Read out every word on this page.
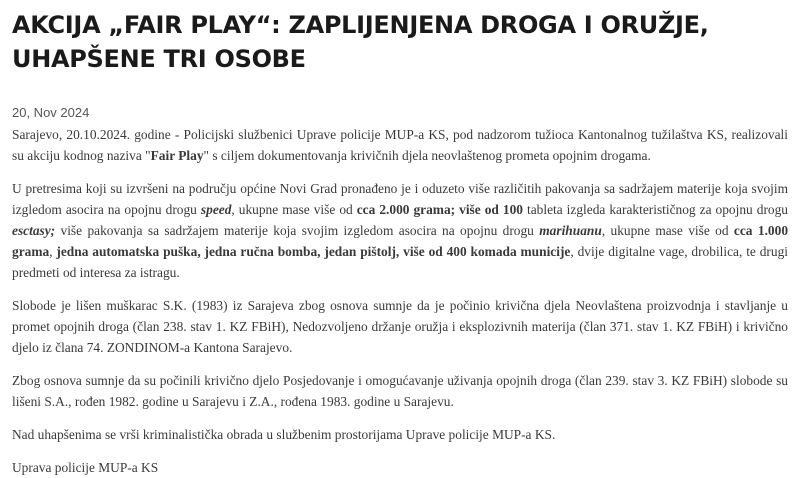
AKCIJA „FAIR PLAY“: ZAPLIJENJENA DROGA I ORUŽJE,
UHAPŠENE TRI OSOBE
20, Nov 2024

Sarajevo, 20.10.2024. godine - Policijski službenici Uprave policije MUP-a KS, pod nadzorom tužioca Kantonalnog tužilaštva KS, realizovali su akciju kodnog naziva "Fair Play" s ciljem dokumentovanja krivičnih djela neovlaštenog prometa opojnim drogama.

U pretresima koji su izvršeni na području općine Novi Grad pronađeno je i oduzeto više različitih pakovanja sa sadržajem materije koja svojim izgledom asocira na opojnu drogu speed, ukupne mase više od cca 2.000 grama; više od 100 tableta izgleda karakterističnog za opojnu drogu esctasy; više pakovanja sa sadržajem materije koja svojim izgledom asocira na opojnu drogu marihuanu, ukupne mase više od cca 1.000 grama, jedna automatska puška, jedna ručna bomba, jedan pištolj, više od 400 komada municije, dvije digitalne vage, drobilica, te drugi predmeti od interesa za istragu.

Slobode je lišen muškarac S.K. (1983) iz Sarajeva zbog osnova sumnje da je počinio krivična djela Neovlaštena proizvodnja i stavljanje u promet opojnih droga (član 238. stav 1. KZ FBiH), Nedozvoljeno držanje oružja i eksplozivnih materija (član 371. stav 1. KZ FBiH) i krivično djelo iz člana 74. ZONDINOM-a Kantona Sarajevo.

Zbog osnova sumnje da su počinili krivično djelo Posjedovanje i omogućavanje uživanja opojnih droga (član 239. stav 3. KZ FBiH) slobode su lišeni S.A., rođen 1982. godine u Sarajevu i Z.A., rođena 1983. godine u Sarajevu.

Nad uhapšenima se vrši kriminalistička obrada u službenim prostorijama Uprave policije MUP-a KS.

Uprava policije MUP-a KS
